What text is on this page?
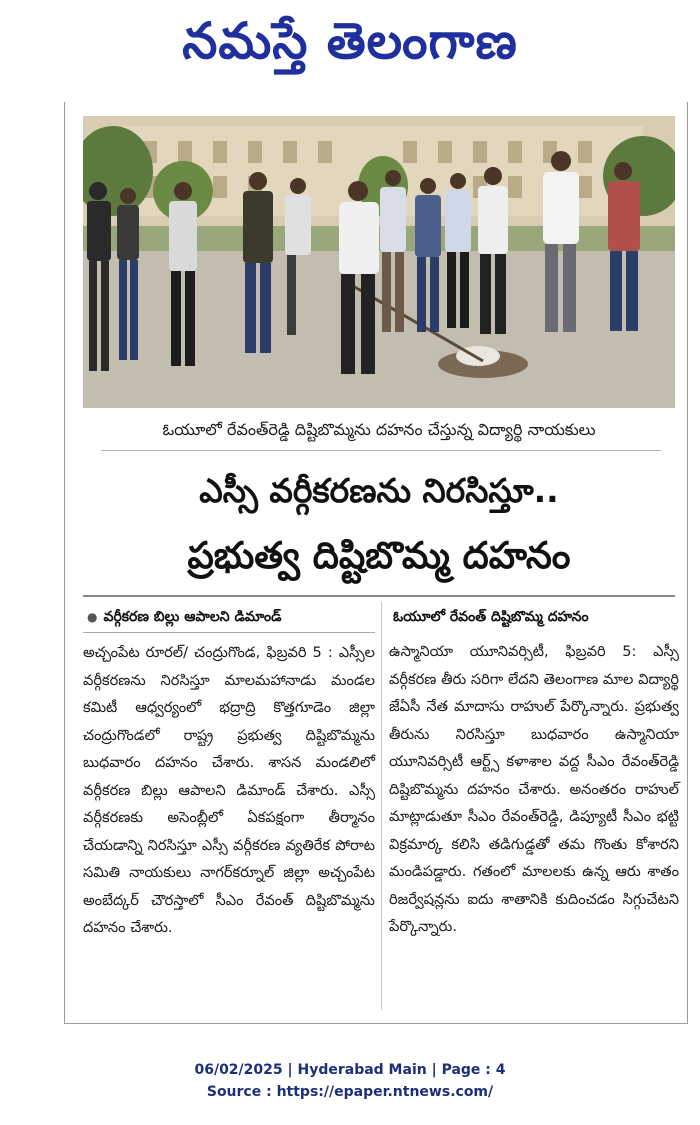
నమస్తే తెలంగాణ
ఓయూలో రేవంత్‌రెడ్డి దిష్టిబొమ్మను దహనం చేస్తున్న విద్యార్థి నాయకులు
ఎస్సీ వర్గీకరణను నిరసిస్తూ..
ప్రభుత్వ దిష్టిబొమ్మ దహనం
● వర్గీకరణ బిల్లు ఆపాలని డిమాండ్

అచ్చంపేట రూరల్‌/ చంద్రుగొండ, ఫిబ్రవరి 5 : ఎస్సీల వర్గీకరణను నిరసిస్తూ మాలమహానాడు మండల కమిటీ ఆధ్వర్యంలో భద్రాద్రి కొత్తగూడెం జిల్లా చంద్రుగొండలో రాష్ట్ర ప్రభుత్వ దిష్టిబొమ్మను బుధవారం దహనం చేశారు. శాసన మండలిలో వర్గీకరణ బిల్లు ఆపాలని డిమాండ్‌ చేశారు. ఎస్సీ వర్గీకరణకు అసెంబ్లీలో ఏకపక్షంగా తీర్మానం చేయడాన్ని నిరసిస్తూ ఎస్సీ వర్గీకరణ వ్యతిరేక పోరాట సమితి నాయకులు నాగర్‌కర్నూల్‌ జిల్లా అచ్చంపేట అంబేద్కర్‌ చౌరస్తాలో సీఎం రేవంత్‌ దిష్టిబొమ్మను దహనం చేశారు.

ఓయూలో రేవంత్‌ దిష్టిబొమ్మ దహనం

ఉస్మానియా యూనివర్సిటీ, ఫిబ్రవరి 5: ఎస్సీ వర్గీకరణ తీరు సరిగా లేదని తెలంగాణ మాల విద్యార్థి జేఏసీ నేత మాదాసు రాహుల్‌ పేర్కొన్నారు. ప్రభుత్వ తీరును నిరసిస్తూ బుధవారం ఉస్మానియా యూనివర్సిటీ ఆర్ట్స్‌ కళాశాల వద్ద సీఎం రేవంత్‌రెడ్డి దిష్టిబొమ్మను దహనం చేశారు. అనంతరం రాహుల్‌ మాట్లాడుతూ సీఎం రేవంత్‌రెడ్డి, డిప్యూటీ సీఎం భట్టి విక్రమార్క కలిసి తడిగుడ్డతో తమ గొంతు కోశారని మండిపడ్డారు. గతంలో మాలలకు ఉన్న ఆరు శాతం రిజర్వేషన్లను ఐదు శాతానికి కుదించడం సిగ్గుచేటని పేర్కొన్నారు.

06/02/2025 | Hyderabad Main | Page : 4
Source : https://epaper.ntnews.com/
